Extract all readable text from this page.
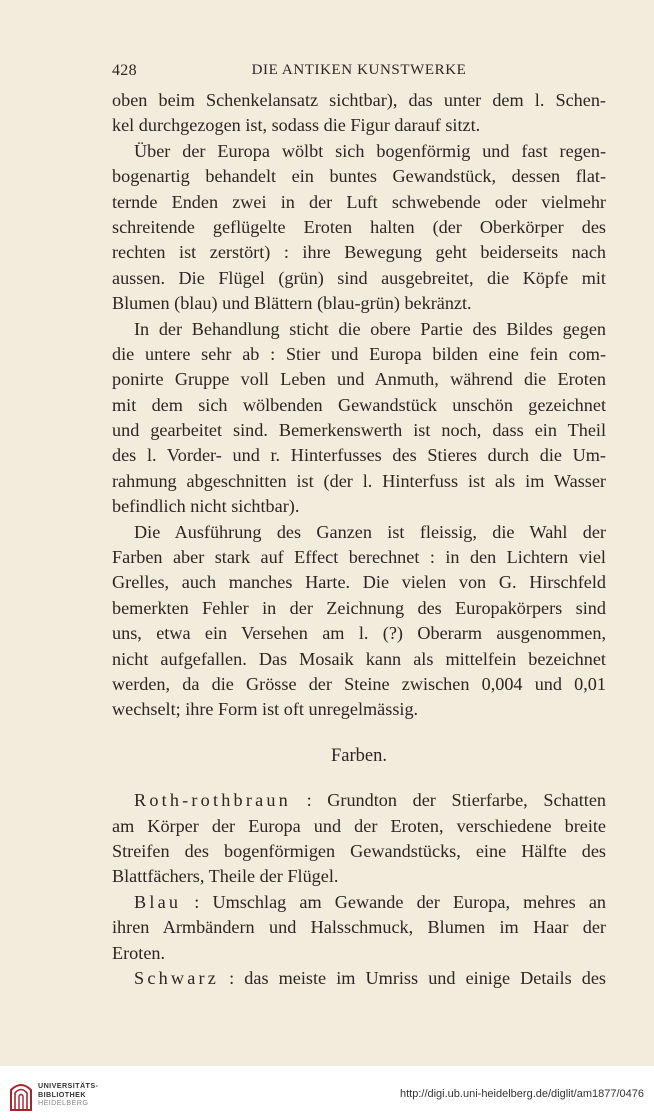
428	DIE ANTIKEN KUNSTWERKE
oben beim Schenkelansatz sichtbar), das unter dem l. Schen-
kel durchgezogen ist, sodass die Figur darauf sitzt.
Über der Europa wölbt sich bogenförmig und fast regen-
bogenartig behandelt ein buntes Gewandstück, dessen flat-
ternde Enden zwei in der Luft schwebende oder vielmehr
schreitende geflügelte Eroten halten (der Oberkörper des
rechten ist zerstört) : ihre Bewegung geht beiderseits nach
aussen. Die Flügel (grün) sind ausgebreitet, die Köpfe mit
Blumen (blau) und Blättern (blau-grün) bekränzt.
In der Behandlung sticht die obere Partie des Bildes gegen
die untere sehr ab : Stier und Europa bilden eine fein com-
ponirte Gruppe voll Leben und Anmuth, während die Eroten
mit dem sich wölbenden Gewandstück unschön gezeichnet
und gearbeitet sind. Bemerkenswerth ist noch, dass ein Theil
des l. Vorder- und r. Hinterfusses des Stieres durch die Um-
rahmung abgeschnitten ist (der l. Hinterfuss ist als im Wasser
befindlich nicht sichtbar).
Die Ausführung des Ganzen ist fleissig, die Wahl der
Farben aber stark auf Effect berechnet : in den Lichtern viel
Grelles, auch manches Harte. Die vielen von G. Hirschfeld
bemerkten Fehler in der Zeichnung des Europakörpers sind
uns, etwa ein Versehen am l. (?) Oberarm ausgenommen,
nicht aufgefallen. Das Mosaik kann als mittelfein bezeichnet
werden, da die Grösse der Steine zwischen 0,004 und 0,01
wechselt; ihre Form ist oft unregelmässig.
Farben.
Roth-rothbraun : Grundton der Stierfarbe, Schatten
am Körper der Europa und der Eroten, verschiedene breite
Streifen des bogenförmigen Gewandstücks, eine Hälfte des
Blattfächers, Theile der Flügel.
Blau : Umschlag am Gewande der Europa, mehres an
ihren Armbändern und Halsschmuck, Blumen im Haar der
Eroten.
Schwarz : das meiste im Umriss und einige Details des
UNIVERSITÄTS-
BIBLIOTHEK
HEIDELBERG
http://digi.ub.uni-heidelberg.de/diglit/am1877/0476
